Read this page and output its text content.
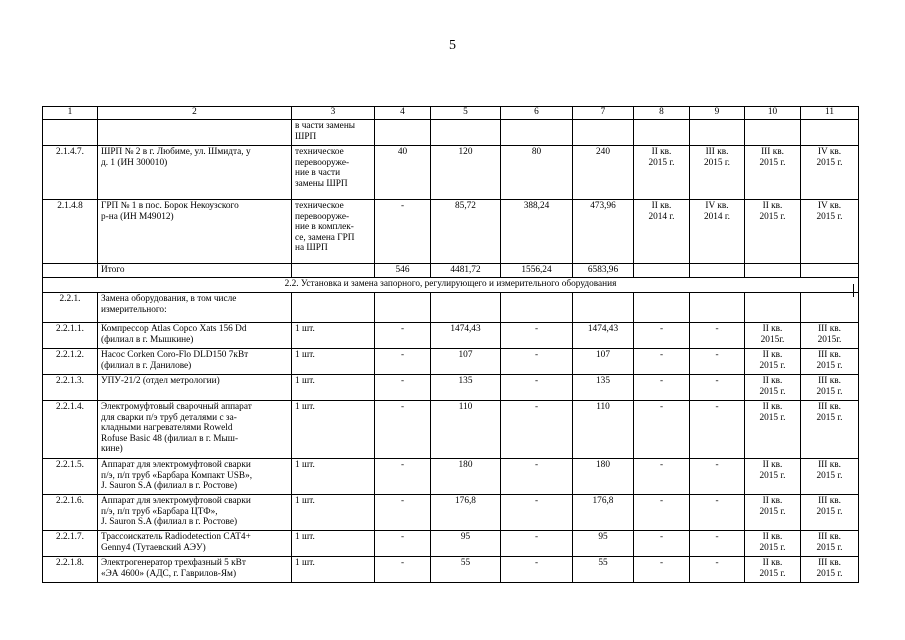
5
1	2	3	4	5	6	7	8	9	10	11

		в части замены
ШРП								

2.1.4.7.	ШРП № 2 в г. Любиме, ул. Шмидта, у
д. 1 (ИН 300010)	техническое
перевооруже-
ние в части
замены ШРП	40	120	80	240	II кв.
2015 г.	III кв.
2015 г.	III кв.
2015 г.	IV кв.
2015 г.

2.1.4.8	ГРП № 1 в пос. Борок Некоузского
р-на (ИН М49012)	техническое
перевооруже-
ние в комплек-
се, замена ГРП
на ШРП	-	85,72	388,24	473,96	II кв.
2014 г.	IV кв.
2014 г.	II кв.
2015 г.	IV кв.
2015 г.

	Итого		546	4481,72	1556,24	6583,96				
2.2. Установка и замена запорного, регулирующего и измерительного оборудования										
2.2.1.	Замена оборудования, в том числе
измерительного:									

2.2.1.1.	Компрессор Atlas Copco Xats 156 Dd
(филиал в г. Мышкине)	1 шт.	-	1474,43	-	1474,43	-	-	II кв.
2015г.	III кв.
2015г.

2.2.1.2.	Насос Corken Coro-Flo DLD150 7кВт
(филиал в г. Данилове)	1 шт.	-	107	-	107	-	-	II кв.
2015 г.	III кв.
2015 г.

2.2.1.3.	УПУ-21/2 (отдел метрологии)	1 шт.	-	135	-	135	-	-	II кв.
2015 г.	III кв.
2015 г.

2.2.1.4.	Электромуфтовый сварочный аппарат
для сварки п/э труб деталями с за-
кладными нагревателями Roweld
Rofuse Basic 48 (филиал в г. Мыш-
кине)	1 шт.	-	110	-	110	-	-	II кв.
2015 г.	III кв.
2015 г.

2.2.1.5.	Аппарат для электромуфтовой сварки
п/э, п/п труб «Барбара Компакт USB»,
J. Sauron S.A (филиал в г. Ростове)	1 шт.	-	180	-	180	-	-	II кв.
2015 г.	III кв.
2015 г.

2.2.1.6.	Аппарат для электромуфтовой сварки
п/э, п/п труб «Барбара ЦТФ»,
J. Sauron S.A (филиал в г. Ростове)	1 шт.	-	176,8	-	176,8	-	-	II кв.
2015 г.	III кв.
2015 г.

2.2.1.7.	Трассоискатель Radiodetection CAT4+
Genny4 (Тутаевский АЭУ)	1 шт.	-	95	-	95	-	-	II кв.
2015 г.	III кв.
2015 г.

2.2.1.8.	Электрогенератор трехфазный 5 кВт
«ЭА 4600» (АДС, г. Гаврилов-Ям)	1 шт.	-	55	-	55	-	-	II кв.
2015 г.	III кв.
2015 г.
